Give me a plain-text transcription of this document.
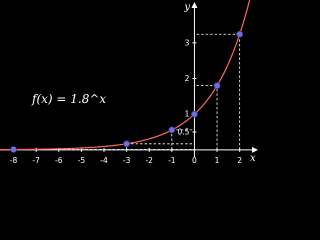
x
y
-8 -7 -6 -5 -4 -3 -2 -1 0 1 2
0.5
1
2
3
f(x) = 1.8^x
